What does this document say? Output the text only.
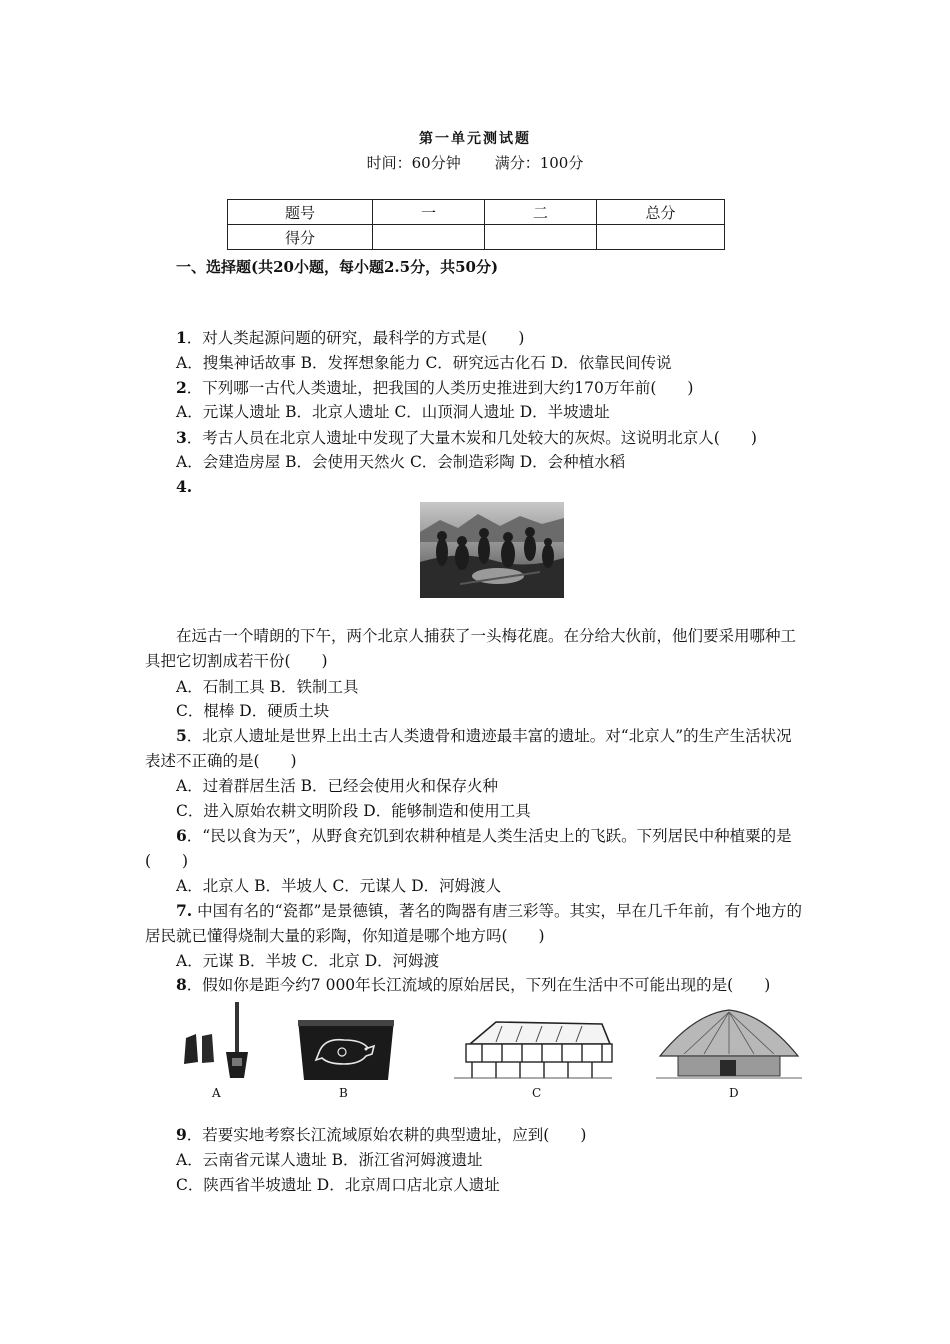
第一单元测试题
时间：60分钟 满分：100分
题号	一	二	总分
得分			
一、选择题(共20小题，每小题2.5分，共50分)
1．对人类起源问题的研究，最科学的方式是(　　)
A．搜集神话故事 B．发挥想象能力 C．研究远古化石 D．依靠民间传说
2．下列哪一古代人类遗址，把我国的人类历史推进到大约170万年前(　　)
A．元谋人遗址 B．北京人遗址 C．山顶洞人遗址 D．半坡遗址
3．考古人员在北京人遗址中发现了大量木炭和几处较大的灰烬。这说明北京人(　　)
A．会建造房屋 B．会使用天然火 C．会制造彩陶 D．会种植水稻
4.
在远古一个晴朗的下午，两个北京人捕获了一头梅花鹿。在分给大伙前，他们要采用哪种工具把它切割成若干份(　　)
A．石制工具 B．铁制工具
C．棍棒 D．硬质土块
5．北京人遗址是世界上出土古人类遗骨和遗迹最丰富的遗址。对“北京人”的生产生活状况表述不正确的是(　　)
A．过着群居生活 B．已经会使用火和保存火种
C．进入原始农耕文明阶段 D．能够制造和使用工具
6．“民以食为天”，从野食充饥到农耕种植是人类生活史上的飞跃。下列居民中种植粟的是(　　)
A．北京人 B．半坡人 C．元谋人 D．河姆渡人
7. 中国有名的“瓷都”是景德镇，著名的陶器有唐三彩等。其实，早在几千年前，有个地方的居民就已懂得烧制大量的彩陶，你知道是哪个地方吗(　　)
A．元谋 B．半坡 C．北京 D．河姆渡
8．假如你是距今约7 000年长江流域的原始居民，下列在生活中不可能出现的是(　　)
A	B	C	D
9．若要实地考察长江流域原始农耕的典型遗址，应到(　　)
A．云南省元谋人遗址 B．浙江省河姆渡遗址
C．陕西省半坡遗址 D．北京周口店北京人遗址
